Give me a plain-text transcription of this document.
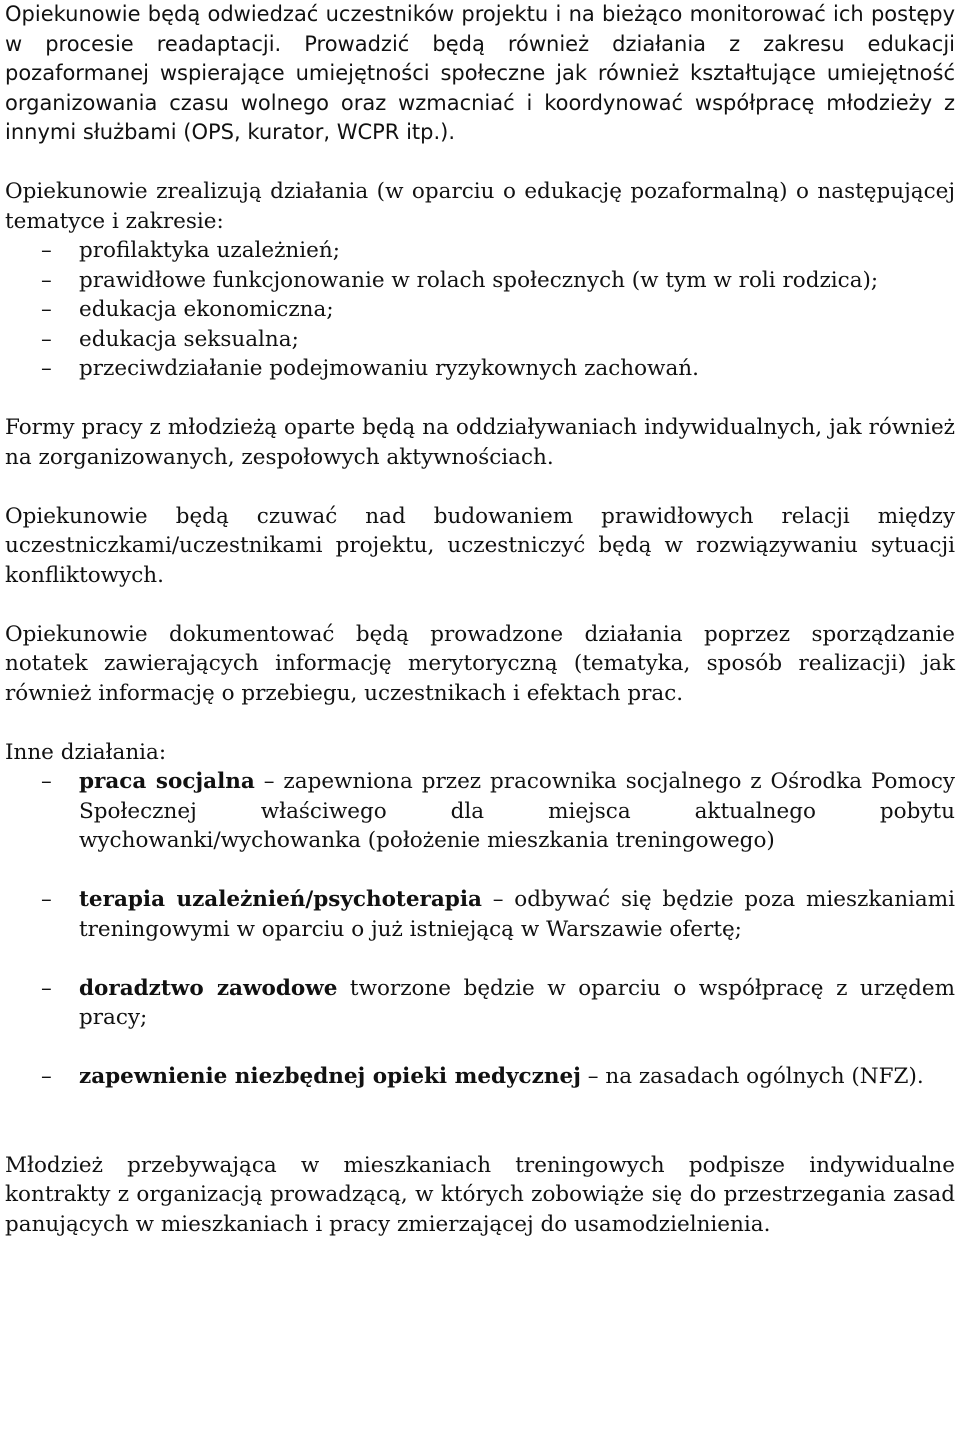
Opiekunowie będą odwiedzać uczestników projektu i na bieżąco monitorować ich postępy w procesie readaptacji. Prowadzić będą również działania z zakresu edukacji pozaformanej wspierające umiejętności społeczne jak również kształtujące umiejętność organizowania czasu wolnego oraz wzmacniać i koordynować współpracę młodzieży z innymi służbami (OPS, kurator, WCPR itp.).

Opiekunowie zrealizują działania (w oparciu o edukację pozaformalną) o następującej tematyce i zakresie:

– profilaktyka uzależnień;
– prawidłowe funkcjonowanie w rolach społecznych (w tym w roli rodzica);
– edukacja ekonomiczna;
– edukacja seksualna;
– przeciwdziałanie podejmowaniu ryzykownych zachowań.

Formy pracy z młodzieżą oparte będą na oddziaływaniach indywidualnych, jak również na zorganizowanych, zespołowych aktywnościach.

Opiekunowie będą czuwać nad budowaniem prawidłowych relacji między uczestniczkami/uczestnikami projektu, uczestniczyć będą w rozwiązywaniu sytuacji konfliktowych.

Opiekunowie dokumentować będą prowadzone działania poprzez sporządzanie notatek zawierających informację merytoryczną (tematyka, sposób realizacji) jak również informację o przebiegu, uczestnikach i efektach prac.

Inne działania:

– praca socjalna – zapewniona przez pracownika socjalnego z Ośrodka Pomocy Społecznej właściwego dla miejsca aktualnego pobytu wychowanki/wychowanka (położenie mieszkania treningowego)
– terapia uzależnień/psychoterapia – odbywać się będzie poza mieszkaniami treningowymi w oparciu o już istniejącą w Warszawie ofertę;
– doradztwo zawodowe tworzone będzie w oparciu o współpracę z urzędem pracy;
– zapewnienie niezbędnej opieki medycznej – na zasadach ogólnych (NFZ).

Młodzież przebywająca w mieszkaniach treningowych podpisze indywidualne kontrakty z organizacją prowadzącą, w których zobowiąże się do przestrzegania zasad panujących w mieszkaniach i pracy zmierzającej do usamodzielnienia.
